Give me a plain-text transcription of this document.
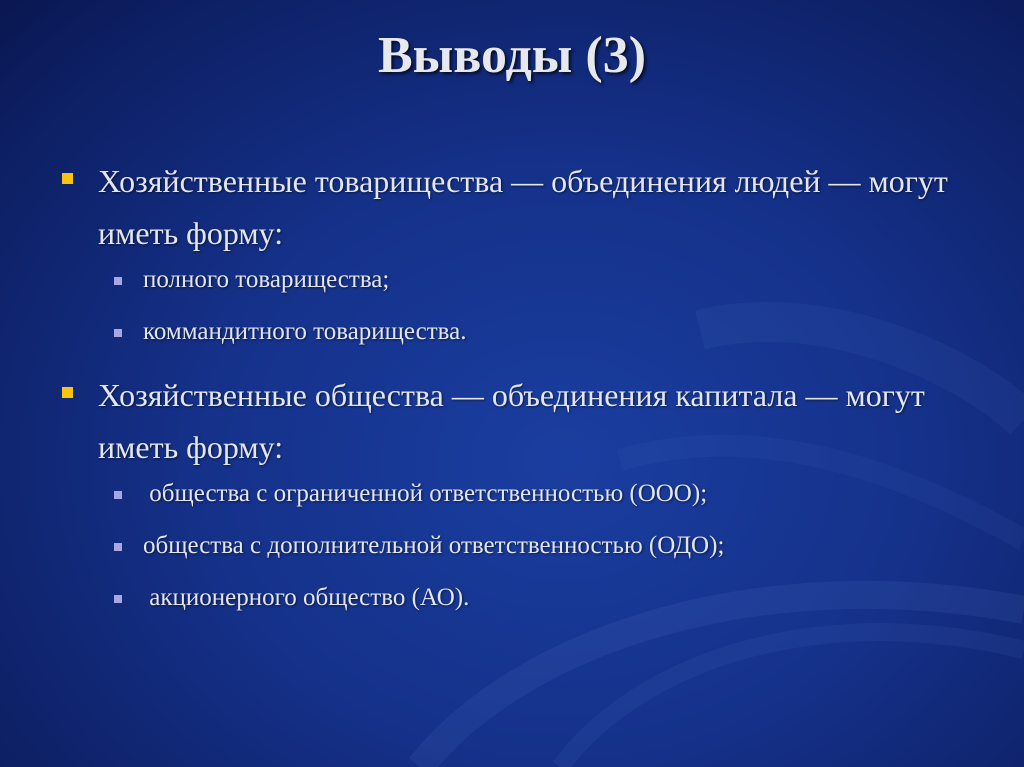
Выводы (3)
Хозяйственные товарищества — объединения людей — могут иметь форму:
полного товарищества;
коммандитного товарищества.
Хозяйственные общества — объединения капитала — могут иметь форму:
общества с ограниченной ответственностью (ООО);
общества с дополнительной ответственностью (ОДО);
акционерного общество (АО).
